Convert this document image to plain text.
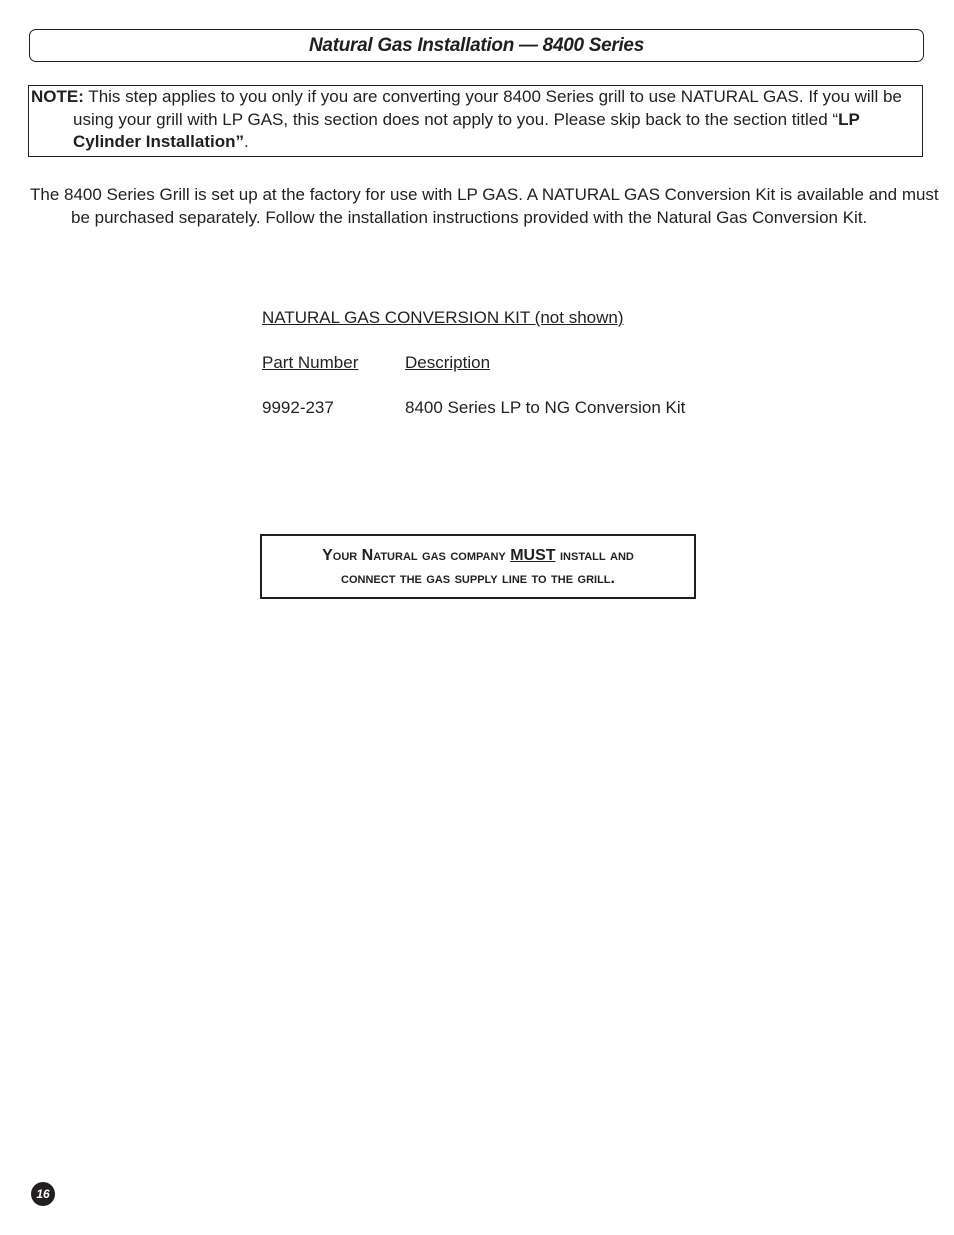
Natural Gas Installation — 8400 Series

NOTE: This step applies to you only if you are converting your 8400 Series grill to use NATURAL GAS. If you will be using your grill with LP GAS, this section does not apply to you. Please skip back to the section titled “LP Cylinder Installation”.

The 8400 Series Grill is set up at the factory for use with LP GAS. A NATURAL GAS Conversion Kit is available and must be purchased separately. Follow the installation instructions provided with the Natural Gas Conversion Kit.

NATURAL GAS CONVERSION KIT (not shown)

Part Number	Description

9992-237	8400 Series LP to NG Conversion Kit

Your Natural gas company MUST install and
connect the gas supply line to the grill.
16
